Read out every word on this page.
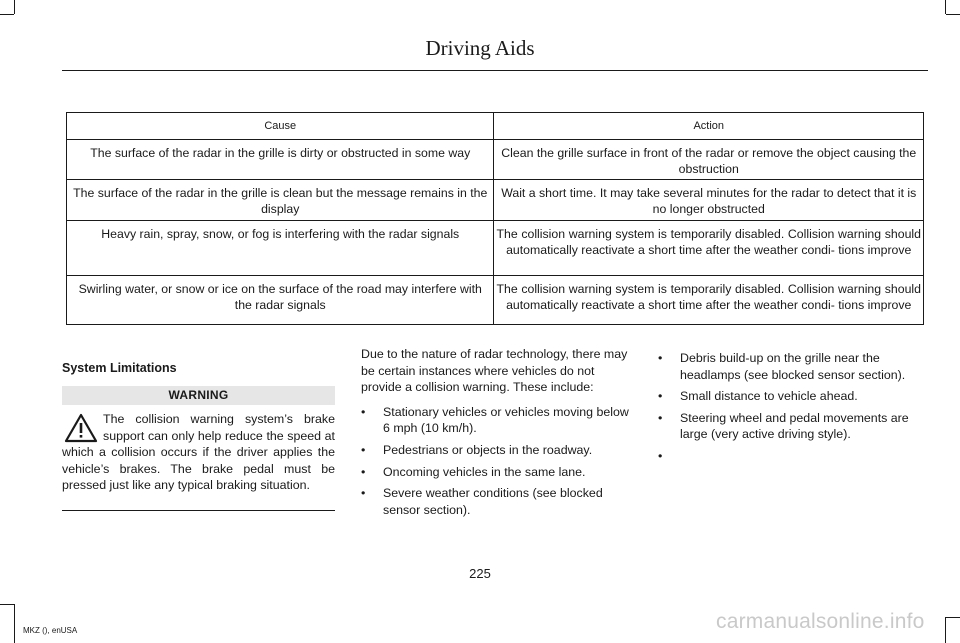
Driving Aids
Cause	Action
The surface of the radar in the grille is dirty or obstructed in some way	Clean the grille surface in front of the radar or remove the object causing the obstruction
The surface of the radar in the grille is clean but the message remains in the display	Wait a short time. It may take several minutes for the radar to detect that it is no longer obstructed
Heavy rain, spray, snow, or fog is interfering with the radar signals	The collision warning system is temporarily disabled. Collision warning should automatically reactivate a short time after the weather condi- tions improve
Swirling water, or snow or ice on the surface of the road may interfere with the radar signals	The collision warning system is temporarily disabled. Collision warning should automatically reactivate a short time after the weather condi- tions improve
System Limitations
WARNING

The collision warning system’s brake support can only help reduce the speed at which a collision occurs if the driver applies the vehicle’s brakes. The brake pedal must be pressed just like any typical braking situation.

Due to the nature of radar technology, there may be certain instances where vehicles do not provide a collision warning. These include:

• Stationary vehicles or vehicles moving below 6 mph (10 km/h).
• Pedestrians or objects in the roadway.
• Oncoming vehicles in the same lane.
• Severe weather conditions (see blocked sensor section).
• Debris build-up on the grille near the headlamps (see blocked sensor section).
• Small distance to vehicle ahead.
• Steering wheel and pedal movements are large (very active driving style).
•
225
MKZ (), enUSA	carmanualsonline.info
